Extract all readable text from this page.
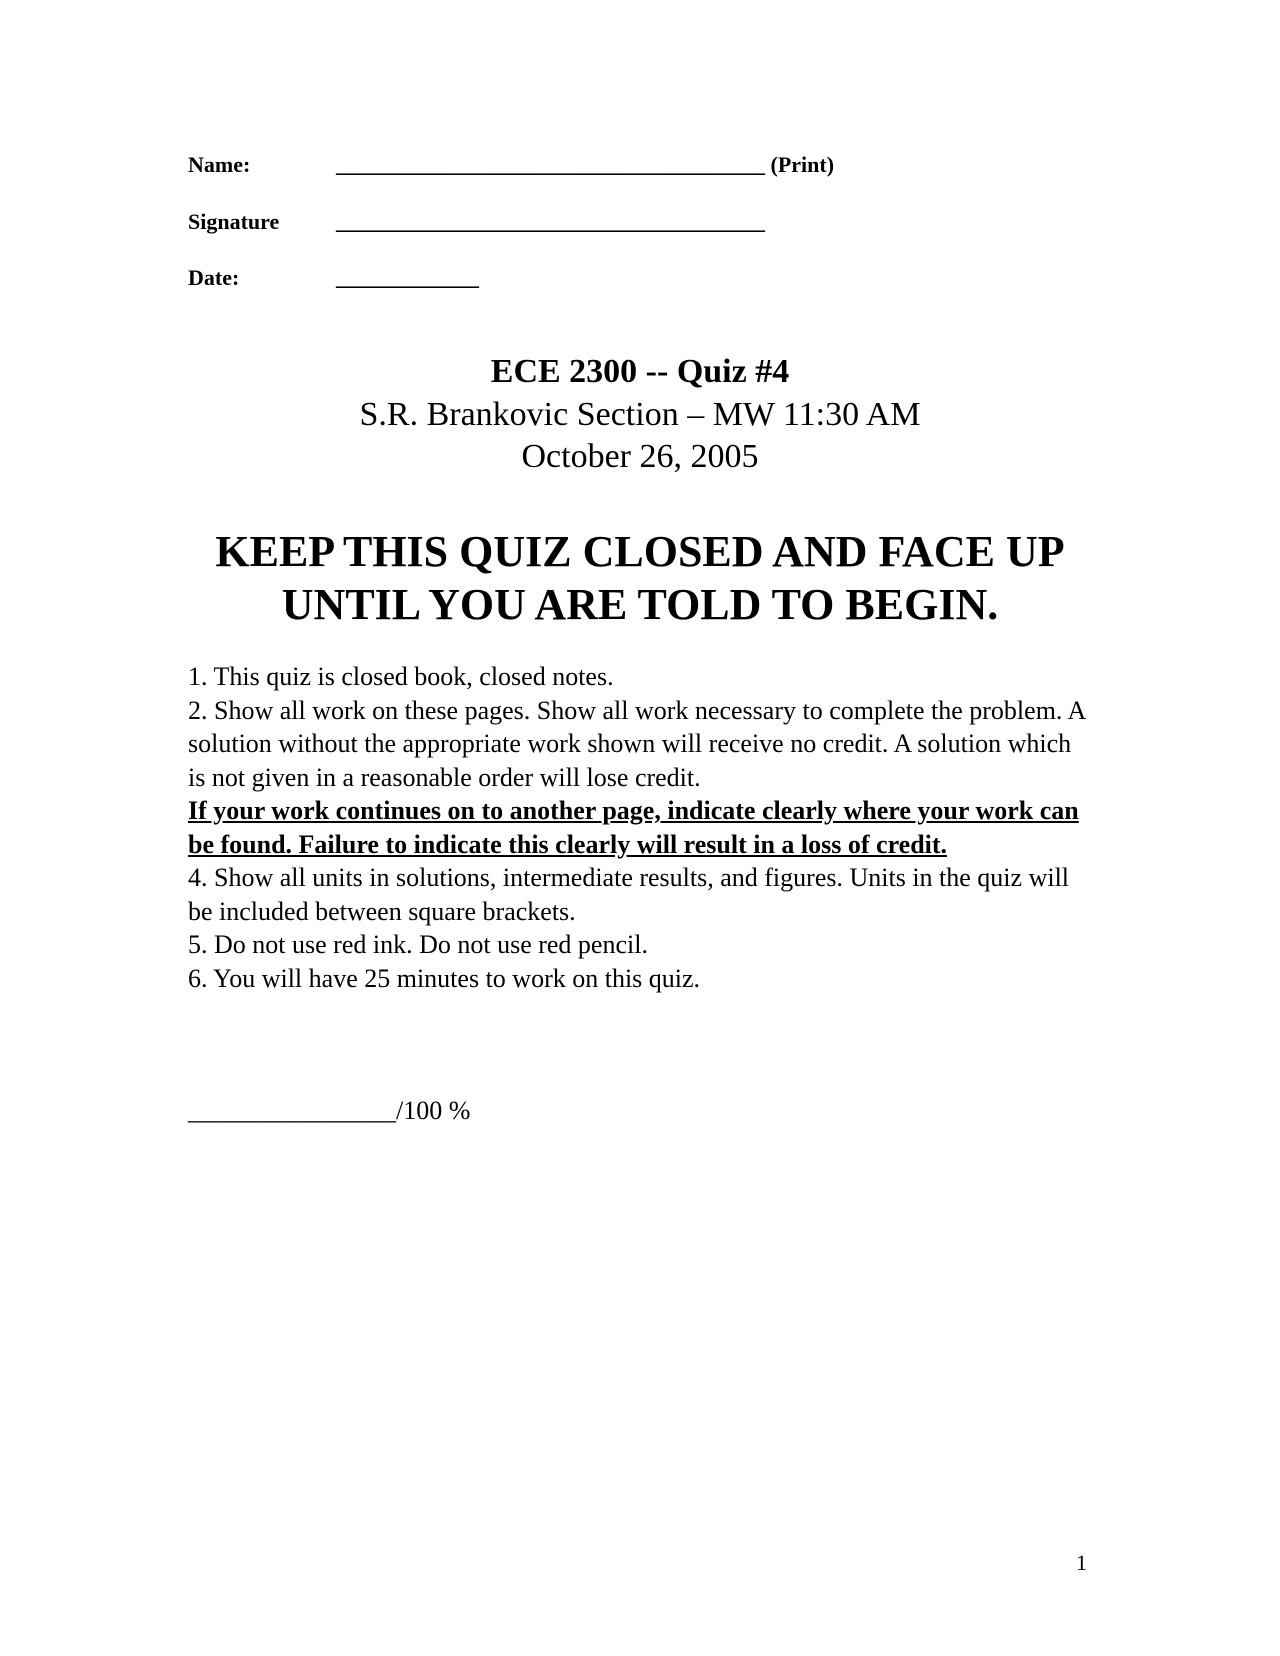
Name:	_______________________________________ (Print)
Signature	_______________________________________
Date:	_____________
ECE 2300 -- Quiz #4
S.R. Brankovic Section – MW 11:30 AM
October 26, 2005
KEEP THIS QUIZ CLOSED AND FACE UP
UNTIL YOU ARE TOLD TO BEGIN.

1. This quiz is closed book, closed notes.

2. Show all work on these pages. Show all work necessary to complete the problem. A solution without the appropriate work shown will receive no credit. A solution which is not given in a reasonable order will lose credit.

If your work continues on to another page, indicate clearly where your work can be found. Failure to indicate this clearly will result in a loss of credit.

4. Show all units in solutions, intermediate results, and figures. Units in the quiz will be included between square brackets.

5. Do not use red ink. Do not use red pencil.

6. You will have 25 minutes to work on this quiz.

________________/100 %
1
